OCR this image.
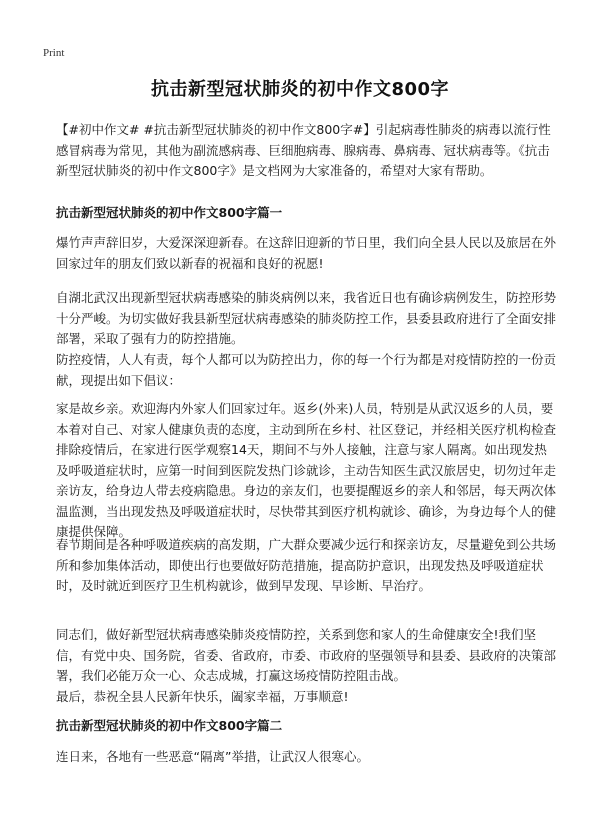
Print
抗击新型冠状肺炎的初中作文800字
【#初中作文# #抗击新型冠状肺炎的初中作文800字#】引起病毒性肺炎的病毒以流行性感冒病毒为常见，其他为副流感病毒、巨细胞病毒、腺病毒、鼻病毒、冠状病毒等。《抗击新型冠状肺炎的初中作文800字》是文档网为大家准备的，希望对大家有帮助。
抗击新型冠状肺炎的初中作文800字篇一
爆竹声声辞旧岁，大爱深深迎新春。在这辞旧迎新的节日里，我们向全县人民以及旅居在外回家过年的朋友们致以新春的祝福和良好的祝愿!
自湖北武汉出现新型冠状病毒感染的肺炎病例以来，我省近日也有确诊病例发生，防控形势十分严峻。为切实做好我县新型冠状病毒感染的肺炎防控工作，县委县政府进行了全面安排部署，采取了强有力的防控措施。
防控疫情，人人有责，每个人都可以为防控出力，你的每一个行为都是对疫情防控的一份贡献，现提出如下倡议：
家是故乡亲。欢迎海内外家人们回家过年。返乡(外来)人员，特别是从武汉返乡的人员，要本着对自己、对家人健康负责的态度，主动到所在乡村、社区登记，并经相关医疗机构检查排除疫情后，在家进行医学观察14天，期间不与外人接触，注意与家人隔离。如出现发热及呼吸道症状时，应第一时间到医院发热门诊就诊，主动告知医生武汉旅居史，切勿过年走亲访友，给身边人带去疫病隐患。身边的亲友们，也要提醒返乡的亲人和邻居，每天两次体温监测，当出现发热及呼吸道症状时，尽快带其到医疗机构就诊、确诊，为身边每个人的健康提供保障。
春节期间是各种呼吸道疾病的高发期，广大群众要减少远行和探亲访友，尽量避免到公共场所和参加集体活动，即使出行也要做好防范措施，提高防护意识，出现发热及呼吸道症状时，及时就近到医疗卫生机构就诊，做到早发现、早诊断、早治疗。
同志们，做好新型冠状病毒感染肺炎疫情防控，关系到您和家人的生命健康安全!我们坚信，有党中央、国务院，省委、省政府，市委、市政府的坚强领导和县委、县政府的决策部署，我们必能万众一心、众志成城，打赢这场疫情防控阻击战。
最后，恭祝全县人民新年快乐，阖家幸福，万事顺意!
抗击新型冠状肺炎的初中作文800字篇二
连日来，各地有一些恶意“隔离”举措，让武汉人很寒心。
